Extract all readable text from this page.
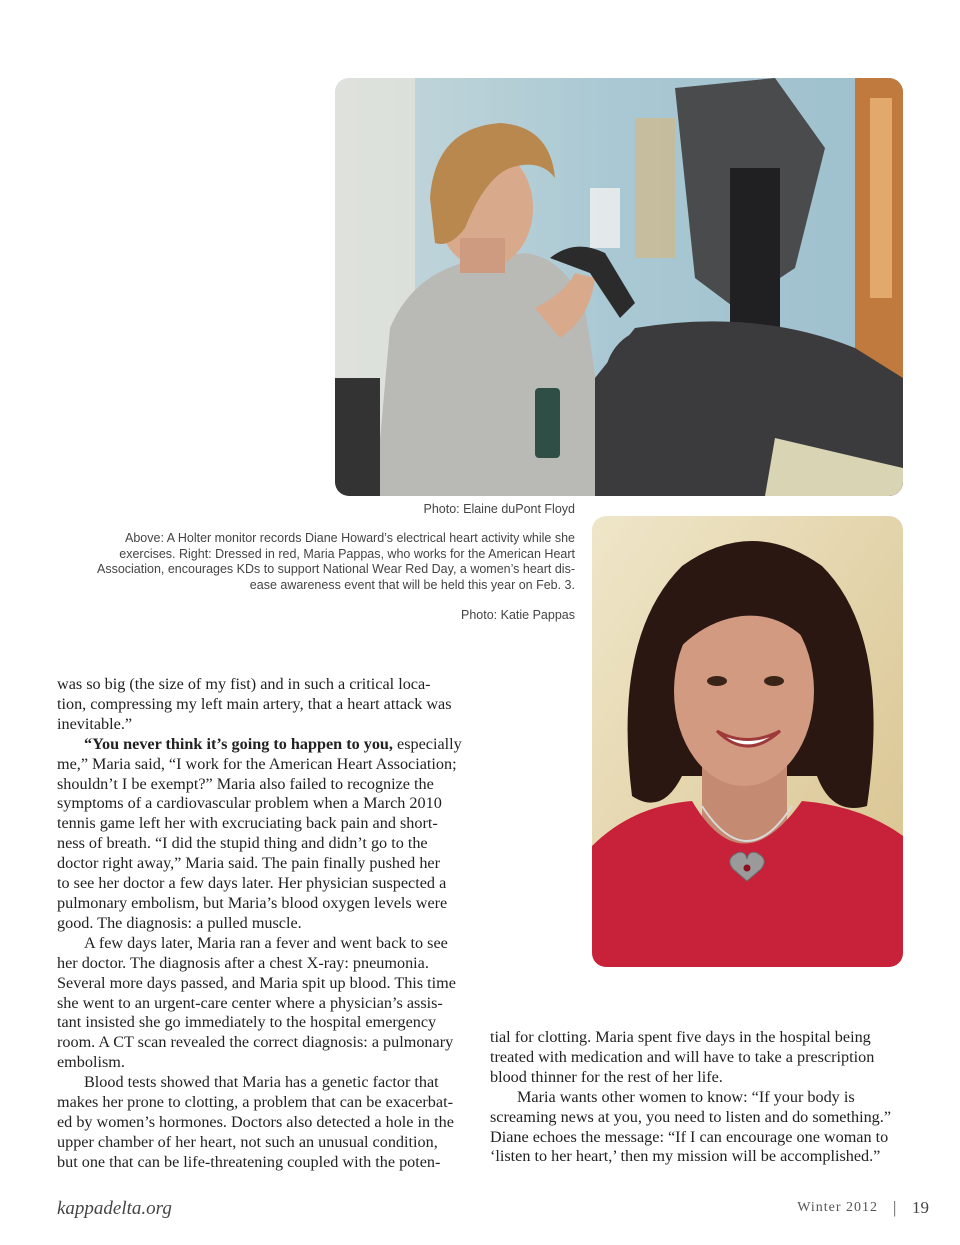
Photo: Elaine duPont Floyd
Above: A Holter monitor records Diane Howard’s electrical heart activity while she
exercises. Right: Dressed in red, Maria Pappas, who works for the American Heart
Association, encourages KDs to support National Wear Red Day, a women’s heart dis-
ease awareness event that will be held this year on Feb. 3.
Photo: Katie Pappas

was so big (the size of my fist) and in such a critical loca-
tion, compressing my left main artery, that a heart attack was
inevitable.”

“You never think it’s going to happen to you, especially
me,” Maria said, “I work for the American Heart Association;
shouldn’t I be exempt?” Maria also failed to recognize the
symptoms of a cardiovascular problem when a March 2010
tennis game left her with excruciating back pain and short-
ness of breath. “I did the stupid thing and didn’t go to the
doctor right away,” Maria said. The pain finally pushed her
to see her doctor a few days later. Her physician suspected a
pulmonary embolism, but Maria’s blood oxygen levels were
good. The diagnosis: a pulled muscle.

A few days later, Maria ran a fever and went back to see
her doctor. The diagnosis after a chest X-ray: pneumonia.
Several more days passed, and Maria spit up blood. This time
she went to an urgent-care center where a physician’s assis-
tant insisted she go immediately to the hospital emergency
room. A CT scan revealed the correct diagnosis: a pulmonary
embolism.

Blood tests showed that Maria has a genetic factor that
makes her prone to clotting, a problem that can be exacerbat-
ed by women’s hormones. Doctors also detected a hole in the
upper chamber of her heart, not such an unusual condition,
but one that can be life-threatening coupled with the poten-

tial for clotting. Maria spent five days in the hospital being
treated with medication and will have to take a prescription
blood thinner for the rest of her life.

Maria wants other women to know: “If your body is
screaming news at you, you need to listen and do something.”
Diane echoes the message: “If I can encourage one woman to
‘listen to her heart,’ then my mission will be accomplished.”

kappadelta.org	Winter 2012 | 19
